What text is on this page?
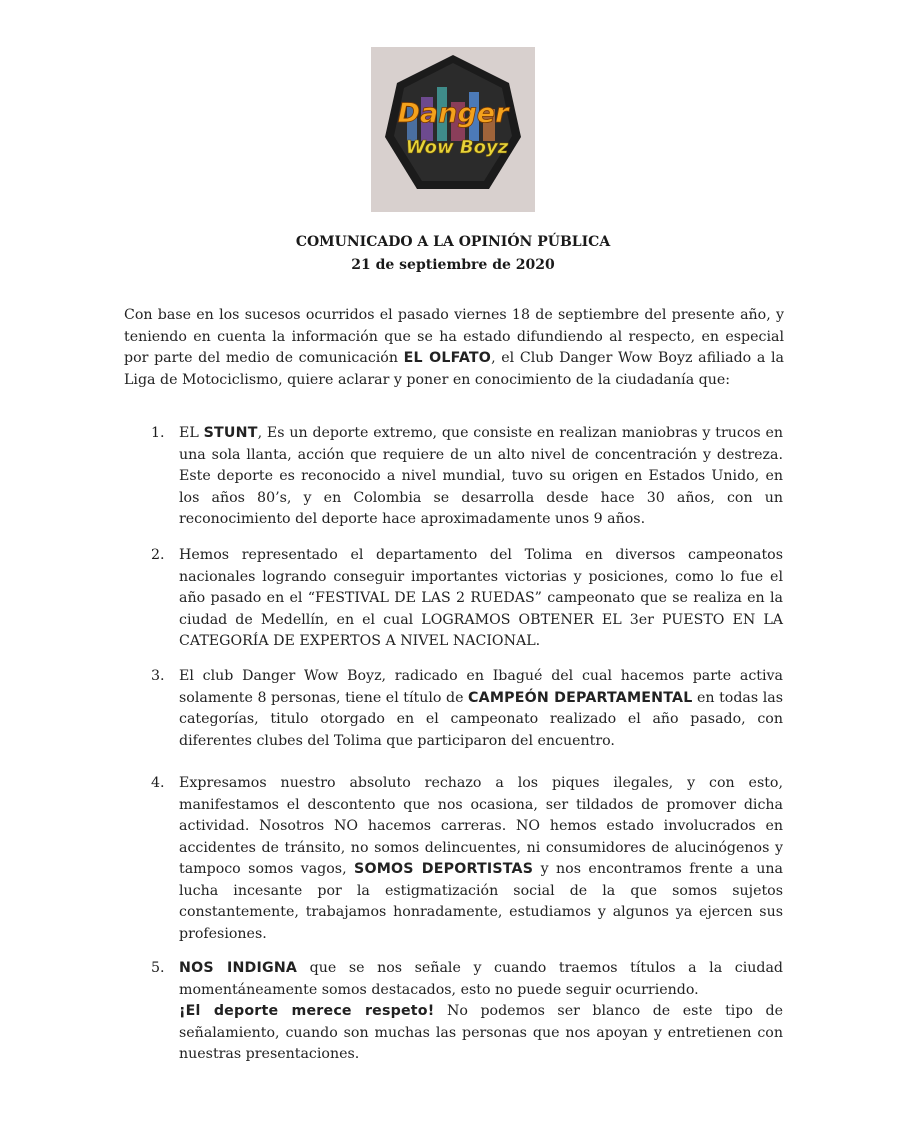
Danger
Wow Boyz
COMUNICADO A LA OPINIÓN PÚBLICA
21 de septiembre de 2020
Con base en los sucesos ocurridos el pasado viernes 18 de septiembre del presente año, y teniendo en cuenta la información que se ha estado difundiendo al respecto, en especial por parte del medio de comunicación EL OLFATO, el Club Danger Wow Boyz afiliado a la Liga de Motociclismo, quiere aclarar y poner en conocimiento de la ciudadanía que:
1. EL STUNT, Es un deporte extremo, que consiste en realizan maniobras y trucos en una sola llanta, acción que requiere de un alto nivel de concentración y destreza. Este deporte es reconocido a nivel mundial, tuvo su origen en Estados Unido, en los años 80’s, y en Colombia se desarrolla desde hace 30 años, con un reconocimiento del deporte hace aproximadamente unos 9 años.
2. Hemos representado el departamento del Tolima en diversos campeonatos nacionales logrando conseguir importantes victorias y posiciones, como lo fue el año pasado en el “FESTIVAL DE LAS 2 RUEDAS” campeonato que se realiza en la ciudad de Medellín, en el cual LOGRAMOS OBTENER EL 3er PUESTO EN LA CATEGORÍA DE EXPERTOS A NIVEL NACIONAL.
3. El club Danger Wow Boyz, radicado en Ibagué del cual hacemos parte activa solamente 8 personas, tiene el título de CAMPEÓN DEPARTAMENTAL en todas las categorías, titulo otorgado en el campeonato realizado el año pasado, con diferentes clubes del Tolima que participaron del encuentro.
4. Expresamos nuestro absoluto rechazo a los piques ilegales, y con esto, manifestamos el descontento que nos ocasiona, ser tildados de promover dicha actividad. Nosotros NO hacemos carreras. NO hemos estado involucrados en accidentes de tránsito, no somos delincuentes, ni consumidores de alucinógenos y tampoco somos vagos, SOMOS DEPORTISTAS y nos encontramos frente a una lucha incesante por la estigmatización social de la que somos sujetos constantemente, trabajamos honradamente, estudiamos y algunos ya ejercen sus profesiones.
5. NOS INDIGNA que se nos señale y cuando traemos títulos a la ciudad momentáneamente somos destacados, esto no puede seguir ocurriendo.
¡El deporte merece respeto! No podemos ser blanco de este tipo de señalamiento, cuando son muchas las personas que nos apoyan y entretienen con nuestras presentaciones.
